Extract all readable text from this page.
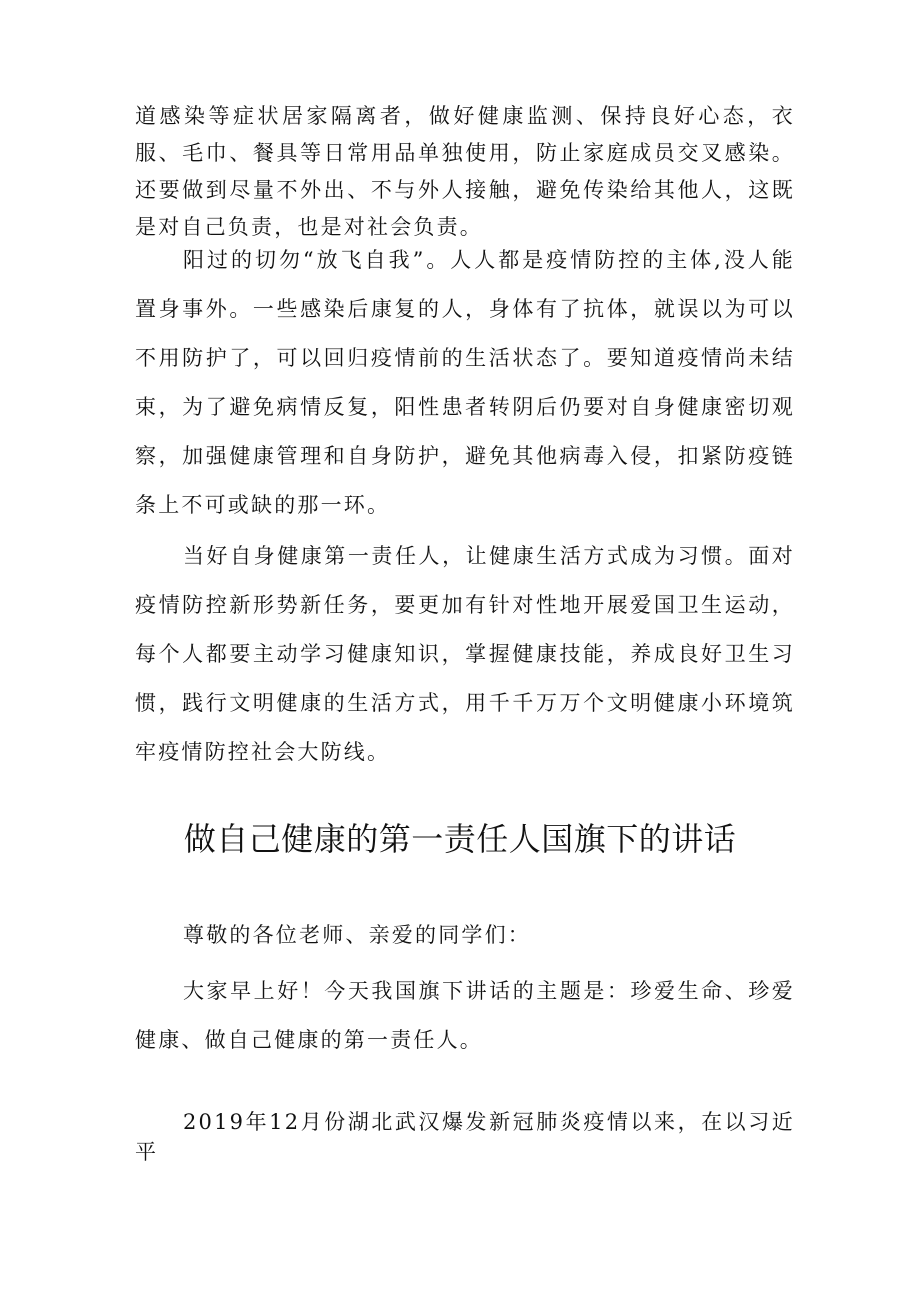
道感染等症状居家隔离者，做好健康监测、保持良好心态，衣服、毛巾、餐具等日常用品单独使用，防止家庭成员交叉感染。还要做到尽量不外出、不与外人接触，避免传染给其他人，这既是对自己负责，也是对社会负责。

阳过的切勿“放飞自我”。人人都是疫情防控的主体,没人能置身事外。一些感染后康复的人，身体有了抗体，就误以为可以不用防护了，可以回归疫情前的生活状态了。要知道疫情尚未结束，为了避免病情反复，阳性患者转阴后仍要对自身健康密切观察，加强健康管理和自身防护，避免其他病毒入侵，扣紧防疫链条上不可或缺的那一环。

当好自身健康第一责任人，让健康生活方式成为习惯。面对疫情防控新形势新任务，要更加有针对性地开展爱国卫生运动，每个人都要主动学习健康知识，掌握健康技能，养成良好卫生习惯，践行文明健康的生活方式，用千千万万个文明健康小环境筑牢疫情防控社会大防线。

做自己健康的第一责任人国旗下的讲话

尊敬的各位老师、亲爱的同学们：

大家早上好！今天我国旗下讲话的主题是：珍爱生命、珍爱健康、做自己健康的第一责任人。

2019年12月份湖北武汉爆发新冠肺炎疫情以来，在以习近平
